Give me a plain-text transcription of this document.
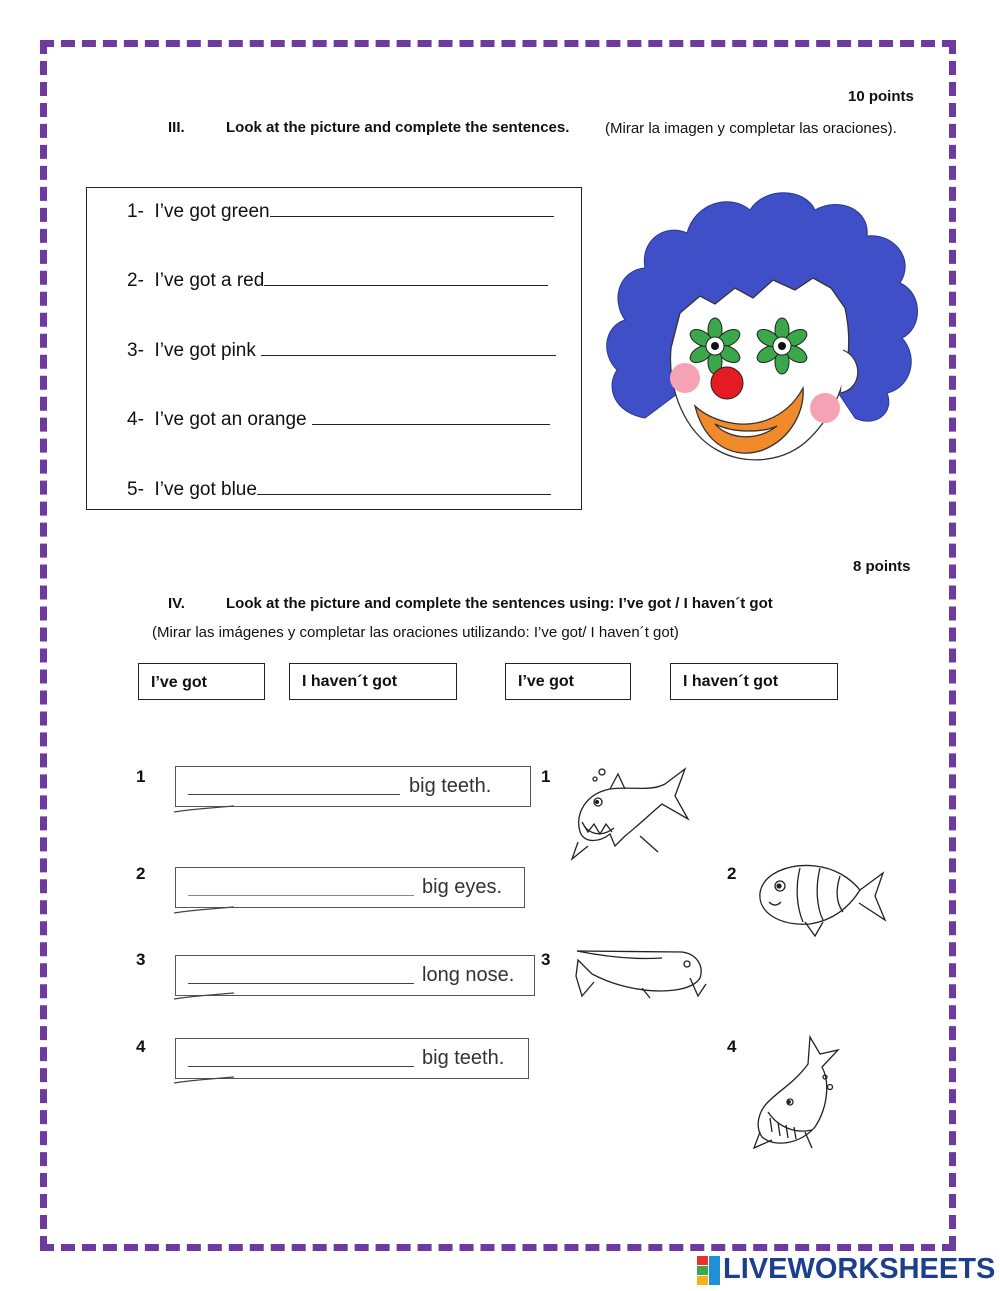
10 points
III.	Look at the picture and complete the sentences. (Mirar la imagen y completar las oraciones).
1- I’ve got green
2- I’ve got a red
3- I’ve got pink
4- I’ve got an orange
5- I’ve got blue
8 points
IV.	Look at the picture and complete the sentences using: I’ve got / I haven´t got
(Mirar las imágenes y completar las oraciones utilizando: I’ve got/ I haven´t got)
I’ve got	I haven´t got	I’ve got	I haven´t got
1	big teeth.	1
2
big eyes.
2
3
long nose.
3
4
big teeth.
4
LIVEWORKSHEETS
